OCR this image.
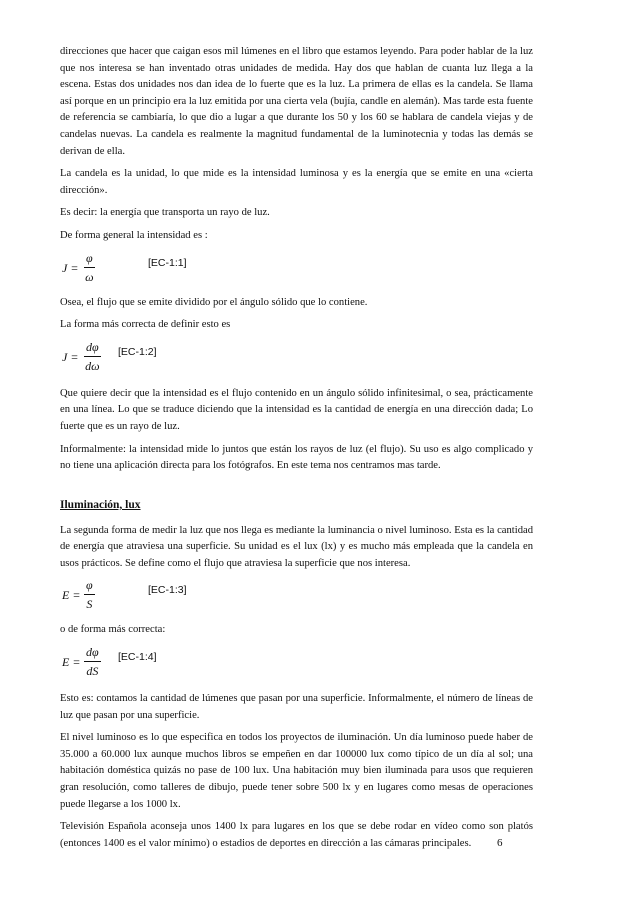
direcciones que hacer que caigan esos mil lúmenes en el libro que estamos leyendo. Para poder hablar de la luz que nos interesa se han inventado otras unidades de medida. Hay dos que hablan de cuanta luz llega a la escena. Estas dos unidades nos dan idea de lo fuerte que es la luz. La primera de ellas es la candela. Se llama así porque en un principio era la luz emitida por una cierta vela (bujía, candle en alemán). Mas tarde esta fuente de referencia se cambiaría, lo que dio a lugar a que durante los 50 y los 60 se hablara de candela viejas y de candelas nuevas. La candela es realmente la magnitud fundamental de la luminotecnia y todas las demás se derivan de ella.

La candela es la unidad, lo que mide es la intensidad luminosa y es la energía que se emite en una «cierta dirección».

Es decir: la energía que transporta un rayo de luz.

De forma general la intensidad es :

$J = \frac{\varphi}{\omega}$	[EC-1:1]

Osea, el flujo que se emite dividido por el ángulo sólido que lo contiene.

La forma más correcta de definir esto es

$J = \frac{d\varphi}{d\omega}$ [EC-1:2]

Que quiere decir que la intensidad es el flujo contenido en un ángulo sólido infinitesimal, o sea, prácticamente en una línea. Lo que se traduce diciendo que la intensidad es la cantidad de energía en una dirección dada; Lo fuerte que es un rayo de luz.

Informalmente: la intensidad mide lo juntos que están los rayos de luz (el flujo). Su uso es algo complicado y no tiene una aplicación directa para los fotógrafos. En este tema nos centramos mas tarde.

Iluminación, lux

La segunda forma de medir la luz que nos llega es mediante la luminancia o nivel luminoso. Esta es la cantidad de energía que atraviesa una superficie. Su unidad es el lux (lx) y es mucho más empleada que la candela en usos prácticos. Se define como el flujo que atraviesa la superficie que nos interesa.

$E = \frac{\varphi}{S}$	[EC-1:3]

o de forma más correcta:

$E = \frac{d\varphi}{dS}$ [EC-1:4]

Esto es: contamos la cantidad de lúmenes que pasan por una superficie. Informalmente, el número de líneas de luz que pasan por una superficie.

El nivel luminoso es lo que especifica en todos los proyectos de iluminación. Un día luminoso puede haber de 35.000 a 60.000 lux aunque muchos libros se empeñen en dar 100000 lux como típico de un día al sol; una habitación doméstica quizás no pase de 100 lux. Una habitación muy bien iluminada para usos que requieren gran resolución, como talleres de dibujo, puede tener sobre 500 lx y en lugares como mesas de operaciones puede llegarse a los 1000 lx.

Televisión Española aconseja unos 1400 lx para lugares en los que se debe rodar en vídeo como son platós (entonces 1400 es el valor mínimo) o estadios de deportes en dirección a las cámaras principales.	6
